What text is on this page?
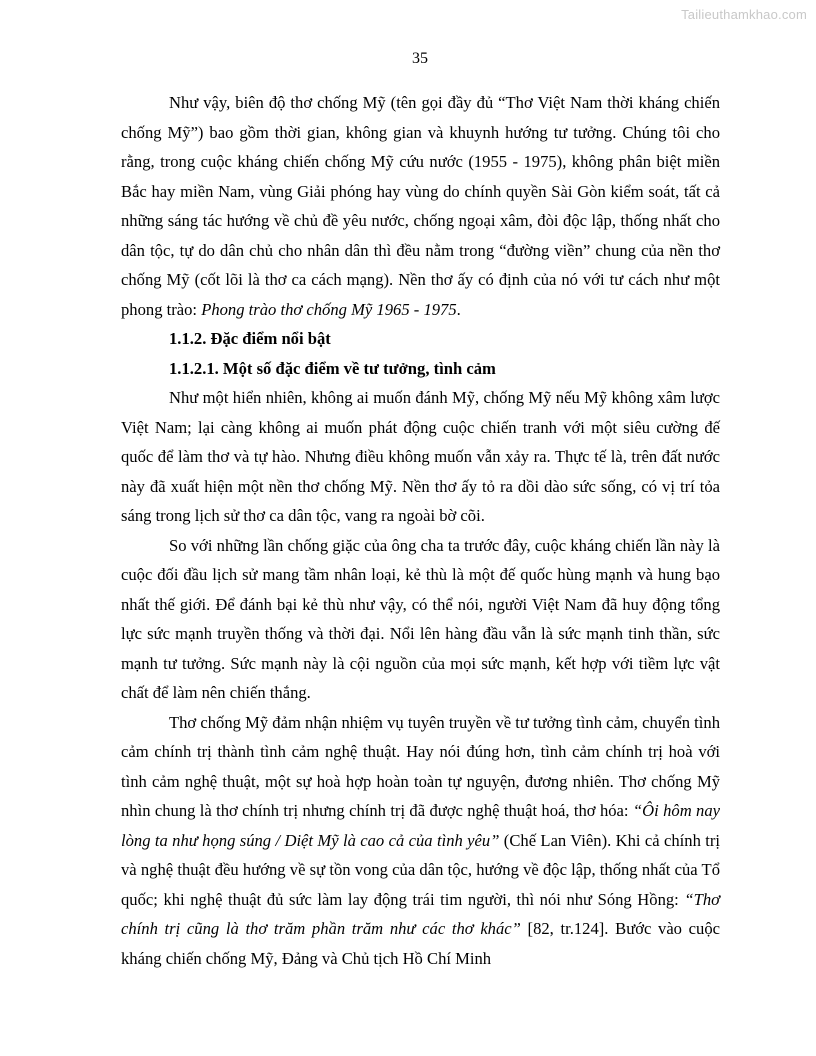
Tailieuthamkhao.com
35

Như vậy, biên độ thơ chống Mỹ (tên gọi đầy đủ “Thơ Việt Nam thời kháng chiến chống Mỹ”) bao gồm thời gian, không gian và khuynh hướng tư tưởng. Chúng tôi cho rằng, trong cuộc kháng chiến chống Mỹ cứu nước (1955 - 1975), không phân biệt miền Bắc hay miền Nam, vùng Giải phóng hay vùng do chính quyền Sài Gòn kiểm soát, tất cả những sáng tác hướng về chủ đề yêu nước, chống ngoại xâm, đòi độc lập, thống nhất cho dân tộc, tự do dân chủ cho nhân dân thì đều nằm trong “đường viền” chung của nền thơ chống Mỹ (cốt lõi là thơ ca cách mạng). Nền thơ ấy có định của nó với tư cách như một phong trào: Phong trào thơ chống Mỹ 1965 - 1975.

1.1.2. Đặc điểm nổi bật
1.1.2.1. Một số đặc điểm về tư tưởng, tình cảm

Như một hiển nhiên, không ai muốn đánh Mỹ, chống Mỹ nếu Mỹ không xâm lược Việt Nam; lại càng không ai muốn phát động cuộc chiến tranh với một siêu cường đế quốc để làm thơ và tự hào. Nhưng điều không muốn vẫn xảy ra. Thực tế là, trên đất nước này đã xuất hiện một nền thơ chống Mỹ. Nền thơ ấy tỏ ra dồi dào sức sống, có vị trí tỏa sáng trong lịch sử thơ ca dân tộc, vang ra ngoài bờ cõi.

So với những lần chống giặc của ông cha ta trước đây, cuộc kháng chiến lần này là cuộc đối đầu lịch sử mang tầm nhân loại, kẻ thù là một đế quốc hùng mạnh và hung bạo nhất thế giới. Để đánh bại kẻ thù như vậy, có thể nói, người Việt Nam đã huy động tổng lực sức mạnh truyền thống và thời đại. Nổi lên hàng đầu vẫn là sức mạnh tinh thần, sức mạnh tư tưởng. Sức mạnh này là cội nguồn của mọi sức mạnh, kết hợp với tiềm lực vật chất để làm nên chiến thắng.

Thơ chống Mỹ đảm nhận nhiệm vụ tuyên truyền về tư tưởng tình cảm, chuyển tình cảm chính trị thành tình cảm nghệ thuật. Hay nói đúng hơn, tình cảm chính trị hoà với tình cảm nghệ thuật, một sự hoà hợp hoàn toàn tự nguyện, đương nhiên. Thơ chống Mỹ nhìn chung là thơ chính trị nhưng chính trị đã được nghệ thuật hoá, thơ hóa: “Ôi hôm nay lòng ta như họng súng / Diệt Mỹ là cao cả của tình yêu” (Chế Lan Viên). Khi cả chính trị và nghệ thuật đều hướng về sự tồn vong của dân tộc, hướng về độc lập, thống nhất của Tổ quốc; khi nghệ thuật đủ sức làm lay động trái tim người, thì nói như Sóng Hồng: “Thơ chính trị cũng là thơ trăm phần trăm như các thơ khác” [82, tr.124]. Bước vào cuộc kháng chiến chống Mỹ, Đảng và Chủ tịch Hồ Chí Minh
